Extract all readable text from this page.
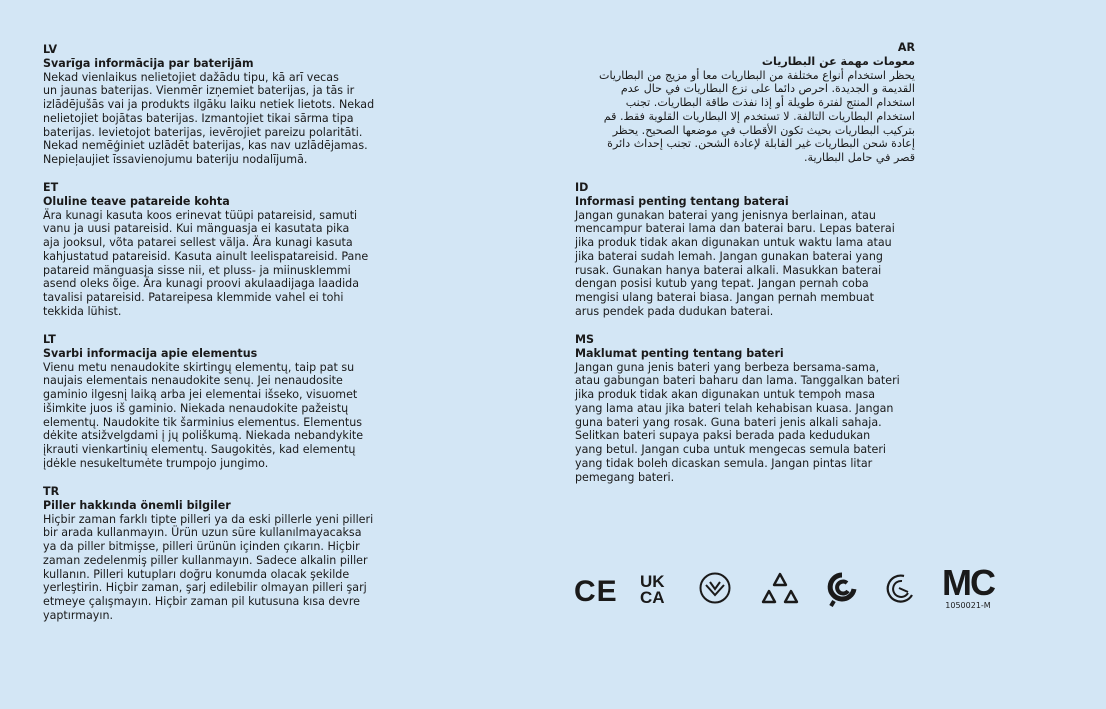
LV
Svarīga informācija par baterijām
Nekad vienlaikus nelietojiet dažādu tipu, kā arī vecas
un jaunas baterijas. Vienmēr izņemiet baterijas, ja tās ir
izlādējušās vai ja produkts ilgāku laiku netiek lietots. Nekad
nelietojiet bojātas baterijas. Izmantojiet tikai sārma tipa
baterijas. Ievietojot baterijas, ievērojiet pareizu polaritāti.
Nekad nemēģiniet uzlādēt baterijas, kas nav uzlādējamas.
Nepieļaujiet īssavienojumu bateriju nodalījumā.
ET
Oluline teave patareide kohta
Ära kunagi kasuta koos erinevat tüüpi patareisid, samuti
vanu ja uusi patareisid. Kui mänguasja ei kasutata pika
aja jooksul, võta patarei sellest välja. Ära kunagi kasuta
kahjustatud patareisid. Kasuta ainult leelispatareisid. Pane
patareid mänguasja sisse nii, et pluss- ja miinusklemmi
asend oleks õige. Ära kunagi proovi akulaadijaga laadida
tavalisi patareisid. Patareipesa klemmide vahel ei tohi
tekkida lühist.
LT
Svarbi informacija apie elementus
Vienu metu nenaudokite skirtingų elementų, taip pat su
naujais elementais nenaudokite senų. Jei nenaudosite
gaminio ilgesnį laiką arba jei elementai išseko, visuomet
išimkite juos iš gaminio. Niekada nenaudokite pažeistų
elementų. Naudokite tik šarminius elementus. Elementus
dėkite atsižvelgdami į jų poliškumą. Niekada nebandykite
įkrauti vienkartinių elementų. Saugokitės, kad elementų
įdėkle nesukeltumėte trumpojo jungimo.
TR
Piller hakkında önemli bilgiler
Hiçbir zaman farklı tipte pilleri ya da eski pillerle yeni pilleri
bir arada kullanmayın. Ürün uzun süre kullanılmayacaksa
ya da piller bitmişse, pilleri ürünün içinden çıkarın. Hiçbir
zaman zedelenmiş piller kullanmayın. Sadece alkalin piller
kullanın. Pilleri kutupları doğru konumda olacak şekilde
yerleştirin. Hiçbir zaman, şarj edilebilir olmayan pilleri şarj
etmeye çalışmayın. Hiçbir zaman pil kutusuna kısa devre
yaptırmayın.
AR
معومات مهمة عن البطاريات
يحظر استخدام أنواع مختلفة من البطاريات معا أو مزيج من البطاريات
القديمة و الجديدة. احرص دائما على نزع البطاريات في حال عدم
استخدام المنتج لفترة طويلة أو إذا نفذت طاقة البطاريات. تجنب
استخدام البطاريات التالفة. لا تستخدم إلا البطاريات القلوية فقط. قم
بتركيب البطاريات بحيث تكون الأقطاب في موضعها الصحيح. يحظر
إعادة شحن البطاريات غير القابلة لإعادة الشحن. تجنب إحداث دائرة
قصر في حامل البطارية.
ID
Informasi penting tentang baterai
Jangan gunakan baterai yang jenisnya berlainan, atau
mencampur baterai lama dan baterai baru. Lepas baterai
jika produk tidak akan digunakan untuk waktu lama atau
jika baterai sudah lemah. Jangan gunakan baterai yang
rusak. Gunakan hanya baterai alkali. Masukkan baterai
dengan posisi kutub yang tepat. Jangan pernah coba
mengisi ulang baterai biasa. Jangan pernah membuat
arus pendek pada dudukan baterai.
MS
Maklumat penting tentang bateri
Jangan guna jenis bateri yang berbeza bersama-sama,
atau gabungan bateri baharu dan lama. Tanggalkan bateri
jika produk tidak akan digunakan untuk tempoh masa
yang lama atau jika bateri telah kehabisan kuasa. Jangan
guna bateri yang rosak. Guna bateri jenis alkali sahaja.
Selitkan bateri supaya paksi berada pada kedudukan
yang betul. Jangan cuba untuk mengecas semula bateri
yang tidak boleh dicaskan semula. Jangan pintas litar
pemegang bateri.
CE UK
CA	MC
1050021-M
